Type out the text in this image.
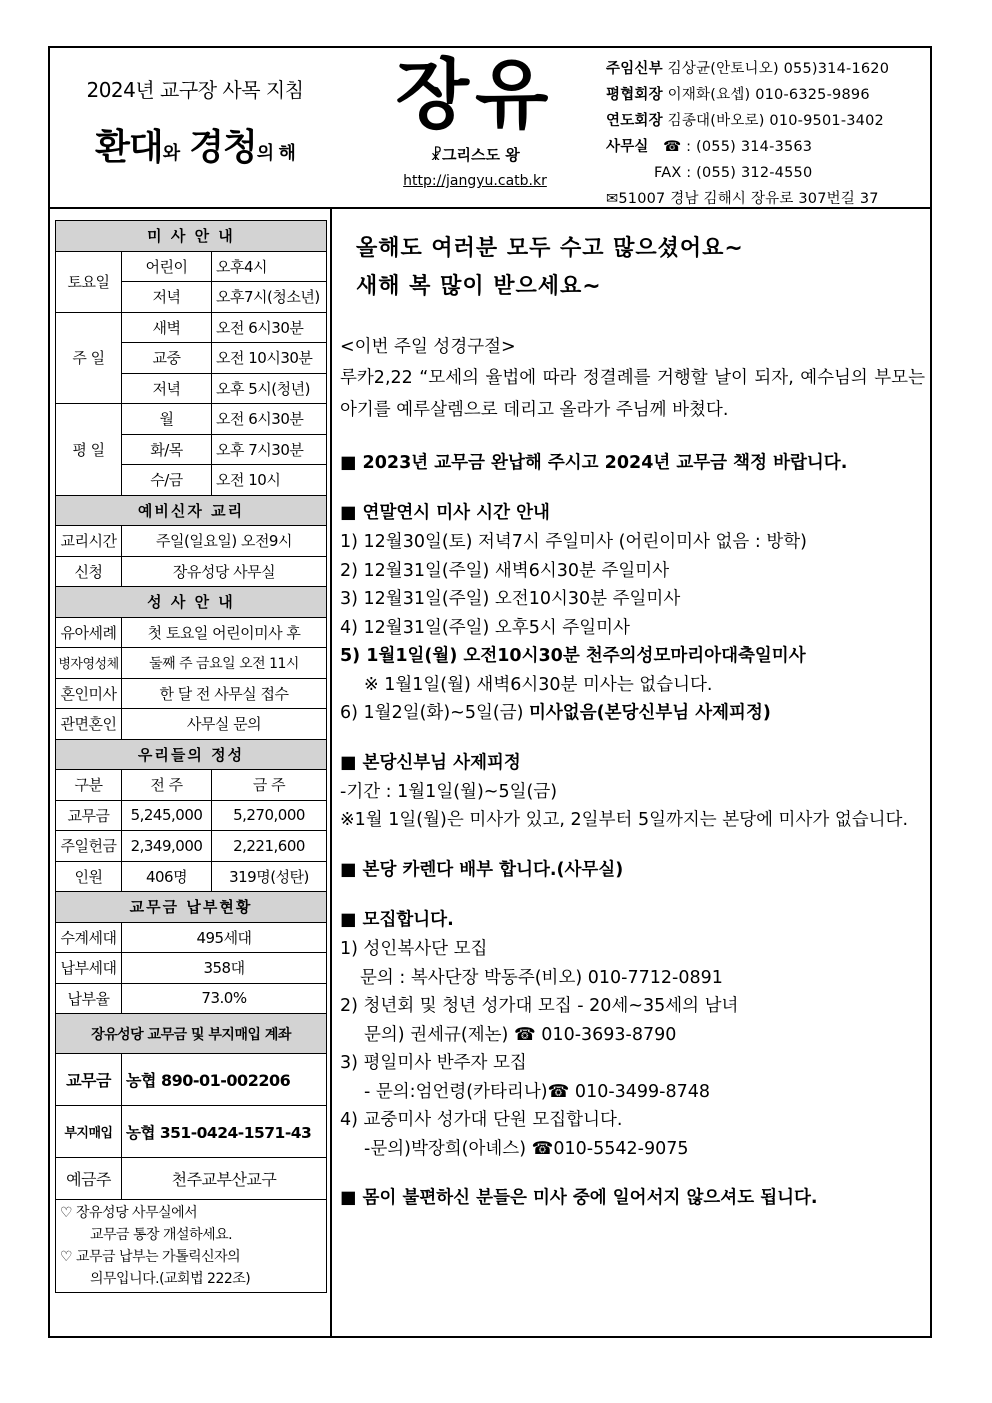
2024년 교구장 사목 지침
환대와 경청의 해
장유
☧그리스도 왕
http://jangyu.catb.kr
주임신부 김상균(안토니오) 055)314-1620
평협회장 이재화(요셉) 010-6325-9896
연도회장 김종대(바오로) 010-9501-3402
사무실 ☎ : (055) 314-3563
FAX : (055) 312-4550
✉51007 경남 김해시 장유로 307번길 37
미 사 안 내		
토요일	어린이	오후4시
	저녁	오후7시(청소년)
주 일	새벽	오전 6시30분
	교중	오전 10시30분
	저녁	오후 5시(청년)
평 일	월	오전 6시30분
	화/목	오후 7시30분
	수/금	오전 10시
예비신자 교리		
교리시간	주일(일요일) 오전9시	
신청	장유성당 사무실	
성 사 안 내		
유아세례	첫 토요일 어린이미사 후	
병자영성체	둘째 주 금요일 오전 11시	
혼인미사	한 달 전 사무실 접수	
관면혼인	사무실 문의	
우리들의 정성		
구분	전 주	금 주
교무금	5,245,000	5,270,000
주일헌금	2,349,000	2,221,600
인원	406명	319명(성탄)
교무금 납부현황		
수계세대	495세대	
납부세대	358대	
납부율	73.0%	
장유성당 교무금 및 부지매입 계좌		
교무금	농협 890-01-002206	
부지매입	농협 351-0424-1571-43	
예금주	천주교부산교구	

♡ 장유성당 사무실에서
교무금 통장 개설하세요.
♡ 교무금 납부는 가톨릭신자의
의무입니다.(교회법 222조)		
올해도 여러분 모두 수고 많으셨어요~
새해 복 많이 받으세요~
<이번 주일 성경구절>
루카2,22 “모세의 율법에 따라 정결례를 거행할 날이 되자, 예수님의 부모는 아기를 예루살렘으로 데리고 올라가 주님께 바쳤다.
■ 2023년 교무금 완납해 주시고 2024년 교무금 책정 바랍니다.
■ 연말연시 미사 시간 안내
1) 12월30일(토) 저녁7시 주일미사 (어린이미사 없음 : 방학)
2) 12월31일(주일) 새벽6시30분 주일미사
3) 12월31일(주일) 오전10시30분 주일미사
4) 12월31일(주일) 오후5시 주일미사
5) 1월1일(월) 오전10시30분 천주의성모마리아대축일미사
※ 1월1일(월) 새벽6시30분 미사는 없습니다.
6) 1월2일(화)~5일(금) 미사없음(본당신부님 사제피정)
■ 본당신부님 사제피정
-기간 : 1월1일(월)~5일(금)
※1월 1일(월)은 미사가 있고, 2일부터 5일까지는 본당에 미사가 없습니다.
■ 본당 카렌다 배부 합니다.(사무실)
■ 모집합니다.
1) 성인복사단 모집
문의 : 복사단장 박동주(비오) 010-7712-0891
2) 청년회 및 청년 성가대 모집 - 20세~35세의 남녀
문의) 권세규(제논) ☎ 010-3693-8790
3) 평일미사 반주자 모집
- 문의:엄언령(카타리나)☎ 010-3499-8748
4) 교중미사 성가대 단원 모집합니다.
-문의)박장희(아녜스) ☎010-5542-9075
■ 몸이 불편하신 분들은 미사 중에 일어서지 않으셔도 됩니다.
